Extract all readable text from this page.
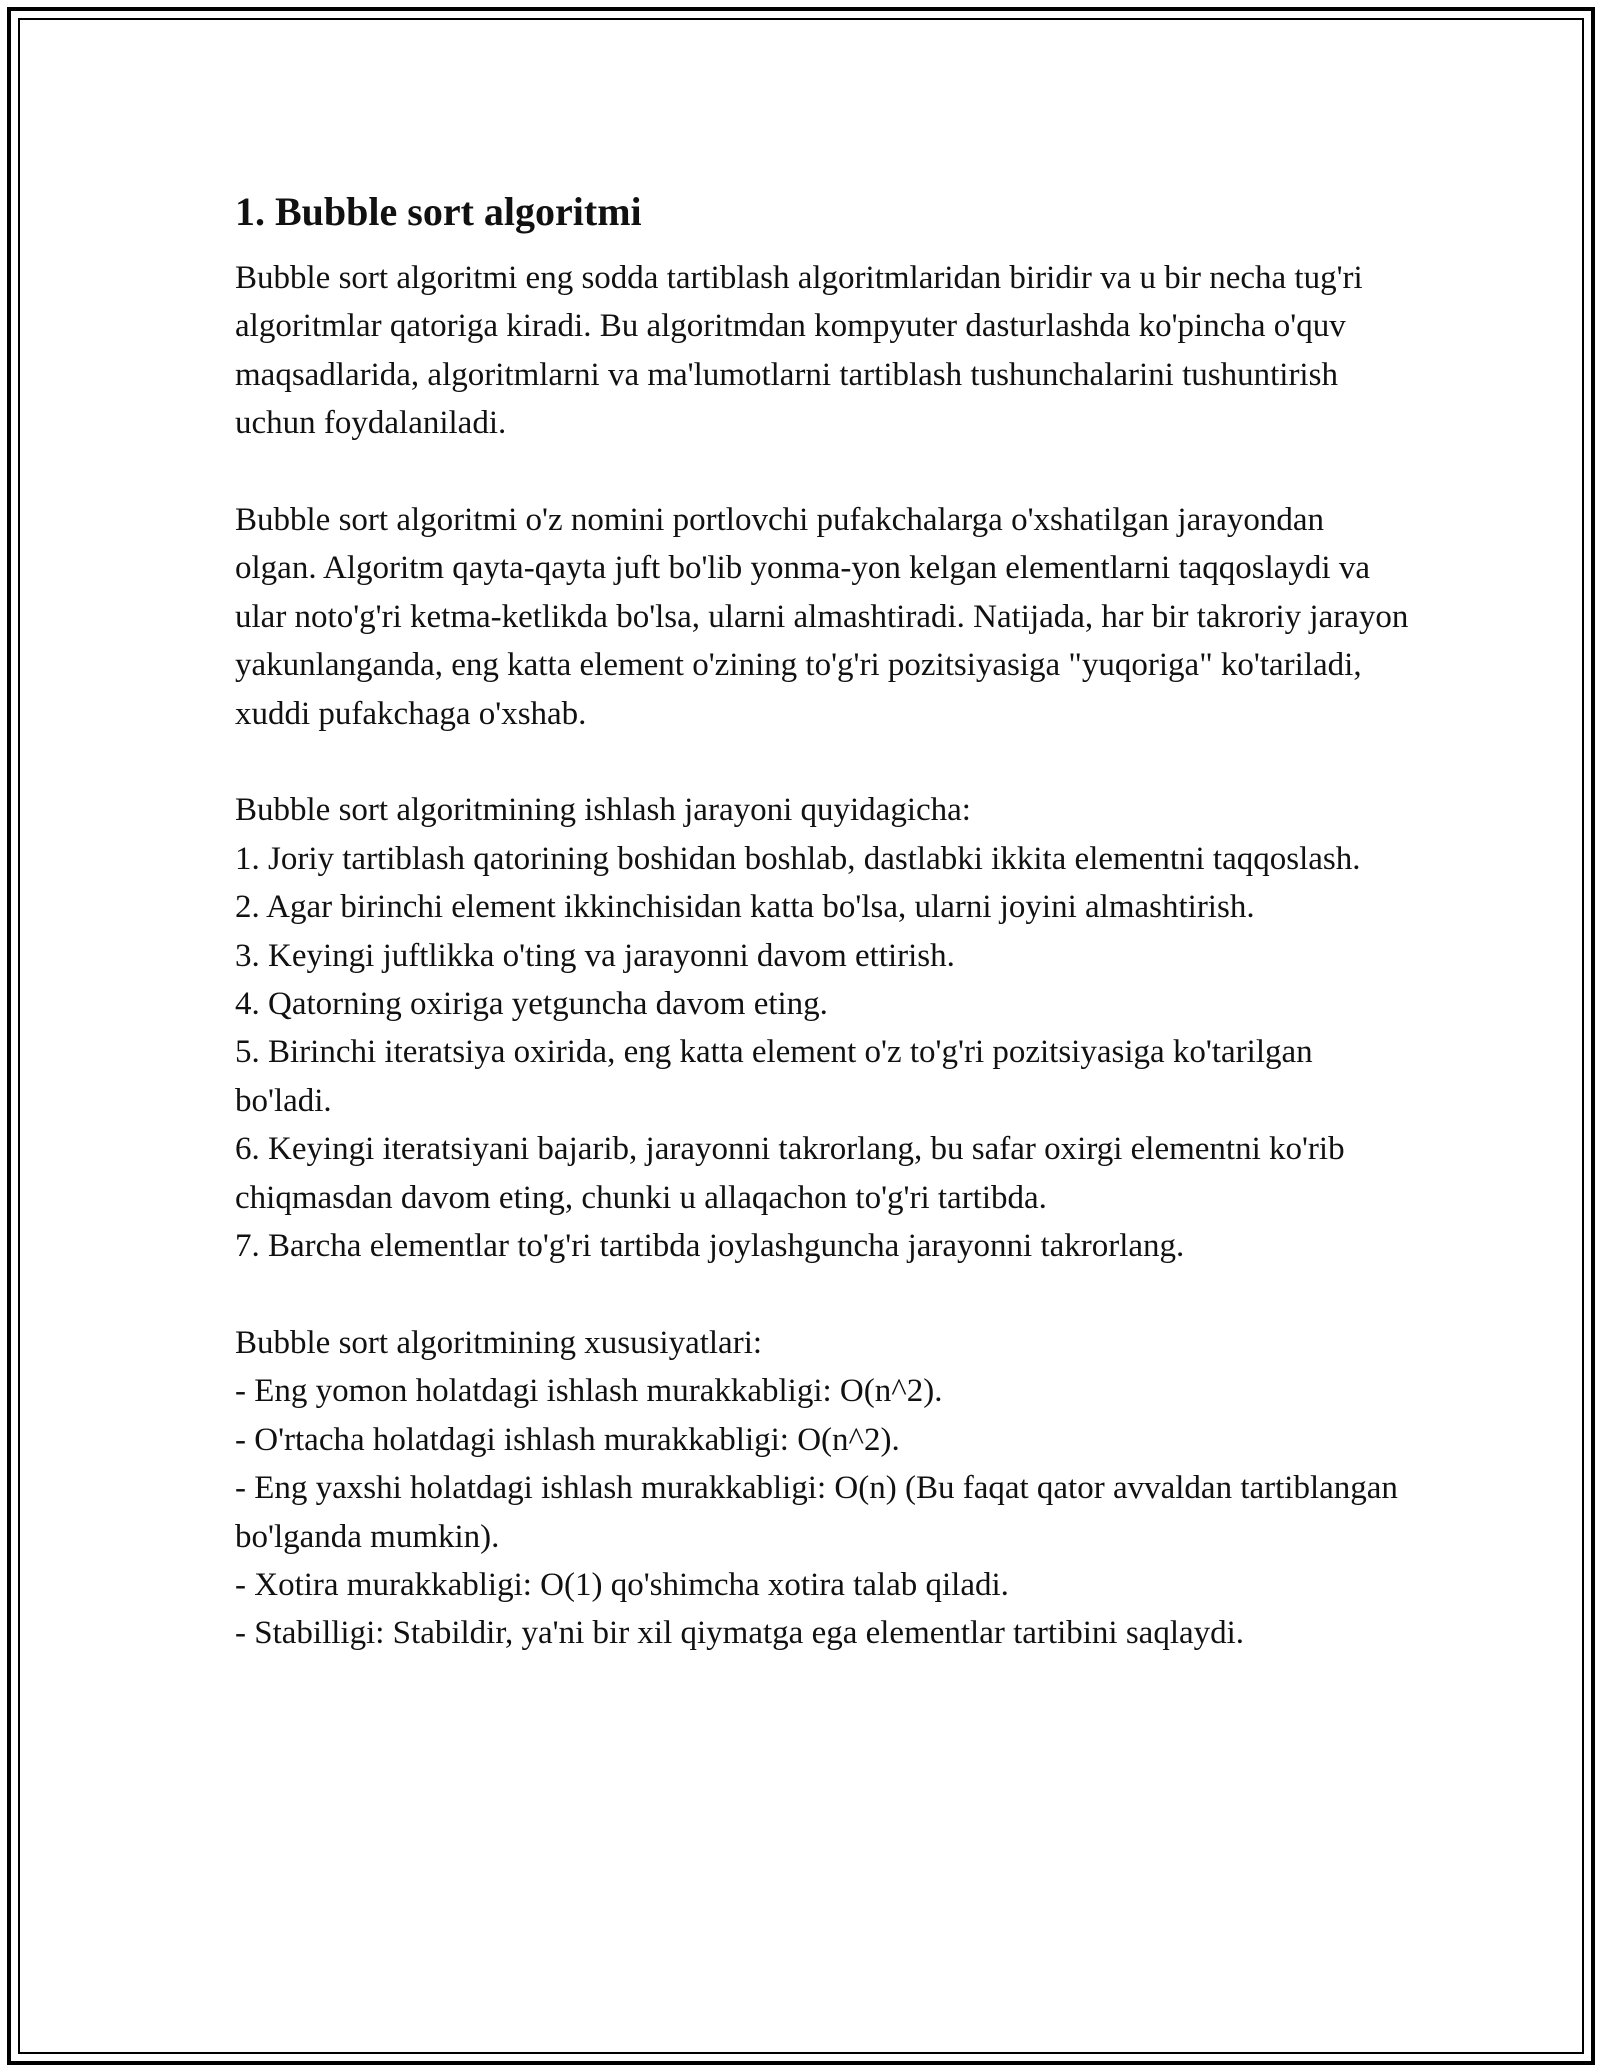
1. Bubble sort algoritmi

Bubble sort algoritmi eng sodda tartiblash algoritmlaridan biridir va u bir necha tug'ri algoritmlar qatoriga kiradi. Bu algoritmdan kompyuter dasturlashda ko'pincha o'quv maqsadlarida, algoritmlarni va ma'lumotlarni tartiblash tushunchalarini tushuntirish uchun foydalaniladi.

Bubble sort algoritmi o'z nomini portlovchi pufakchalarga o'xshatilgan jarayondan olgan. Algoritm qayta-qayta juft bo'lib yonma-yon kelgan elementlarni taqqoslaydi va ular noto'g'ri ketma-ketlikda bo'lsa, ularni almashtiradi. Natijada, har bir takroriy jarayon yakunlanganda, eng katta element o'zining to'g'ri pozitsiyasiga "yuqoriga" ko'tariladi, xuddi pufakchaga o'xshab.

Bubble sort algoritmining ishlash jarayoni quyidagicha:

1. Joriy tartiblash qatorining boshidan boshlab, dastlabki ikkita elementni taqqoslash.

2. Agar birinchi element ikkinchisidan katta bo'lsa, ularni joyini almashtirish.

3. Keyingi juftlikka o'ting va jarayonni davom ettirish.

4. Qatorning oxiriga yetguncha davom eting.

5. Birinchi iteratsiya oxirida, eng katta element o'z to'g'ri pozitsiyasiga ko'tarilgan bo'ladi.

6. Keyingi iteratsiyani bajarib, jarayonni takrorlang, bu safar oxirgi elementni ko'rib chiqmasdan davom eting, chunki u allaqachon to'g'ri tartibda.

7. Barcha elementlar to'g'ri tartibda joylashguncha jarayonni takrorlang.

Bubble sort algoritmining xususiyatlari:

- Eng yomon holatdagi ishlash murakkabligi: O(n^2).

- O'rtacha holatdagi ishlash murakkabligi: O(n^2).

- Eng yaxshi holatdagi ishlash murakkabligi: O(n) (Bu faqat qator avvaldan tartiblangan bo'lganda mumkin).

- Xotira murakkabligi: O(1) qo'shimcha xotira talab qiladi.

- Stabilligi: Stabildir, ya'ni bir xil qiymatga ega elementlar tartibini saqlaydi.
